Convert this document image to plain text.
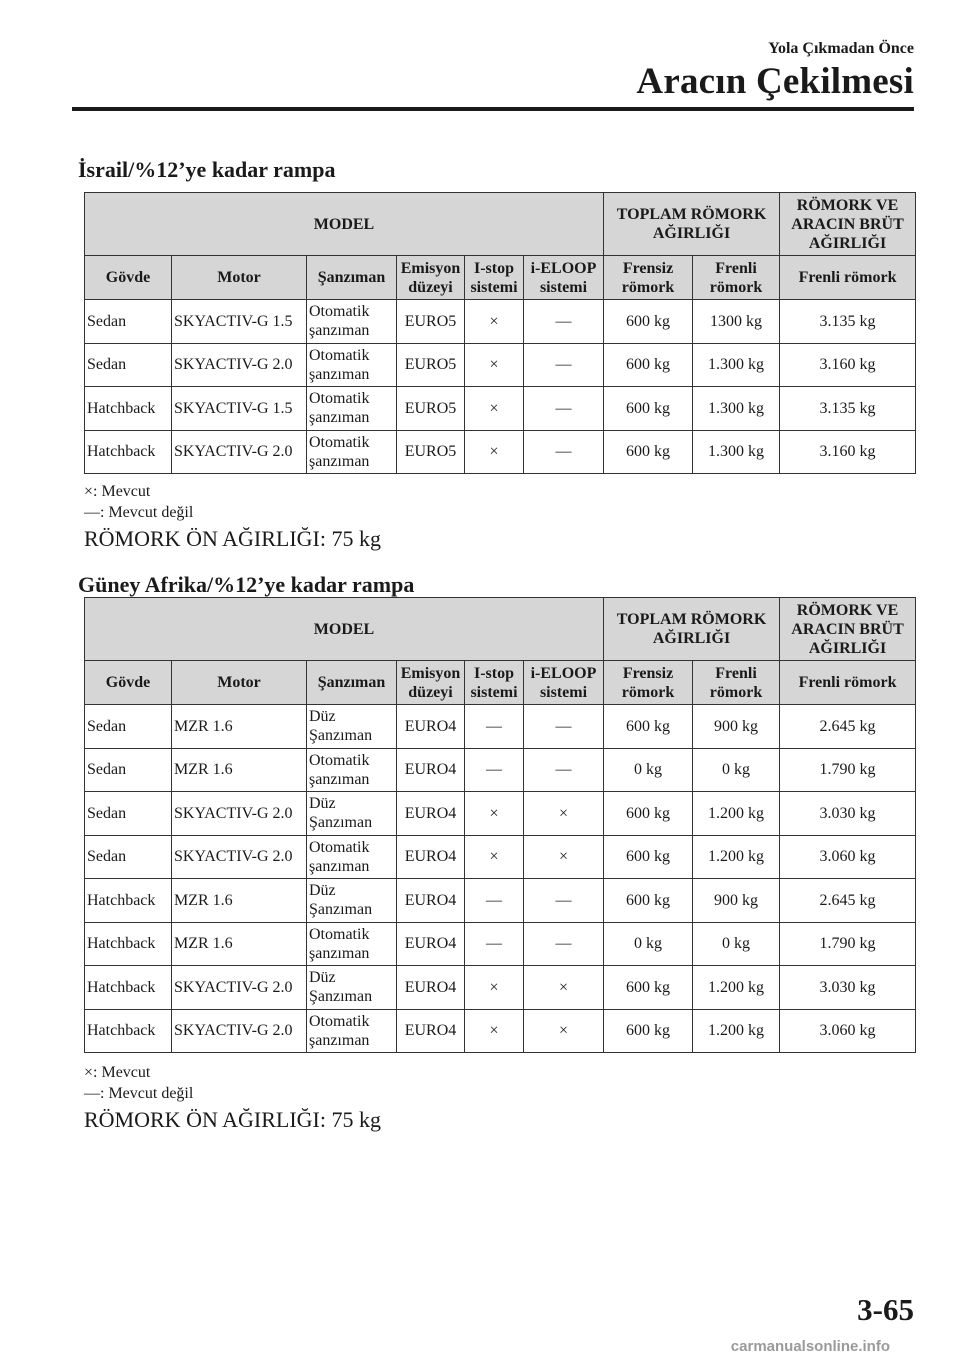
Yola Çıkmadan Önce
Aracın Çekilmesi
İsrail/%12’ye kadar rampa
MODEL						TOPLAM RÖMORK AĞIRLIĞI		RÖMORK VE ARACIN BRÜT AĞIRLIĞI
Gövde	Motor	Şanzıman	Emisyon düzeyi	I-stop sistemi	i-ELOOP sistemi	Frensiz römork	Frenli römork	Frenli römork
Sedan	SKYACTIV-G 1.5	Otomatik şanzıman	EURO5	×	—	600 kg	1300 kg	3.135 kg
Sedan	SKYACTIV-G 2.0	Otomatik şanzıman	EURO5	×	—	600 kg	1.300 kg	3.160 kg
Hatchback	SKYACTIV-G 1.5	Otomatik şanzıman	EURO5	×	—	600 kg	1.300 kg	3.135 kg
Hatchback	SKYACTIV-G 2.0	Otomatik şanzıman	EURO5	×	—	600 kg	1.300 kg	3.160 kg
×: Mevcut
—: Mevcut değil
RÖMORK ÖN AĞIRLIĞI: 75 kg
Güney Afrika/%12’ye kadar rampa
MODEL						TOPLAM RÖMORK AĞIRLIĞI		RÖMORK VE ARACIN BRÜT AĞIRLIĞI
Gövde	Motor	Şanzıman	Emisyon düzeyi	I-stop sistemi	i-ELOOP sistemi	Frensiz römork	Frenli römork	Frenli römork
Sedan	MZR 1.6	Düz Şanzıman	EURO4	—	—	600 kg	900 kg	2.645 kg
Sedan	MZR 1.6	Otomatik şanzıman	EURO4	—	—	0 kg	0 kg	1.790 kg
Sedan	SKYACTIV-G 2.0	Düz Şanzıman	EURO4	×	×	600 kg	1.200 kg	3.030 kg
Sedan	SKYACTIV-G 2.0	Otomatik şanzıman	EURO4	×	×	600 kg	1.200 kg	3.060 kg
Hatchback	MZR 1.6	Düz Şanzıman	EURO4	—	—	600 kg	900 kg	2.645 kg
Hatchback	MZR 1.6	Otomatik şanzıman	EURO4	—	—	0 kg	0 kg	1.790 kg
Hatchback	SKYACTIV-G 2.0	Düz Şanzıman	EURO4	×	×	600 kg	1.200 kg	3.030 kg
Hatchback	SKYACTIV-G 2.0	Otomatik şanzıman	EURO4	×	×	600 kg	1.200 kg	3.060 kg
×: Mevcut
—: Mevcut değil
RÖMORK ÖN AĞIRLIĞI: 75 kg
3-65
carmanualsonline.info
